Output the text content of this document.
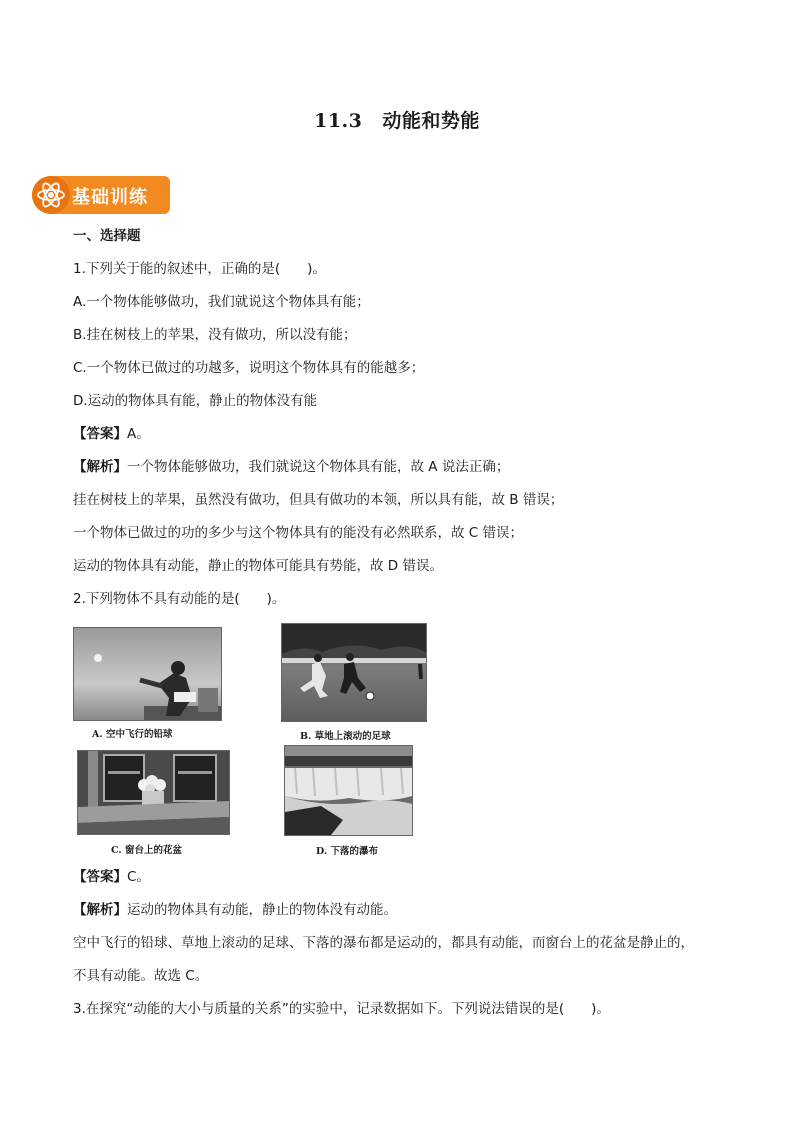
11.3 动能和势能
基础训练
一、选择题
1.下列关于能的叙述中，正确的是(　　)。
A.一个物体能够做功，我们就说这个物体具有能；
B.挂在树枝上的苹果，没有做功，所以没有能；
C.一个物体已做过的功越多，说明这个物体具有的能越多；
D.运动的物体具有能，静止的物体没有能
【答案】A。
【解析】一个物体能够做功，我们就说这个物体具有能，故 A 说法正确；
挂在树枝上的苹果，虽然没有做功，但具有做功的本领，所以具有能，故 B 错误；
一个物体已做过的功的多少与这个物体具有的能没有必然联系，故 C 错误；
运动的物体具有动能，静止的物体可能具有势能，故 D 错误。
2.下列物体不具有动能的是(　　)。
A. 空中飞行的铅球	B. 草地上滚动的足球
C. 窗台上的花盆	D. 下落的瀑布
【答案】C。
【解析】运动的物体具有动能，静止的物体没有动能。
空中飞行的铅球、草地上滚动的足球、下落的瀑布都是运动的，都具有动能，而窗台上的花盆是静止的，
不具有动能。故选 C。
3.在探究“动能的大小与质量的关系”的实验中，记录数据如下。下列说法错误的是(　　)。
